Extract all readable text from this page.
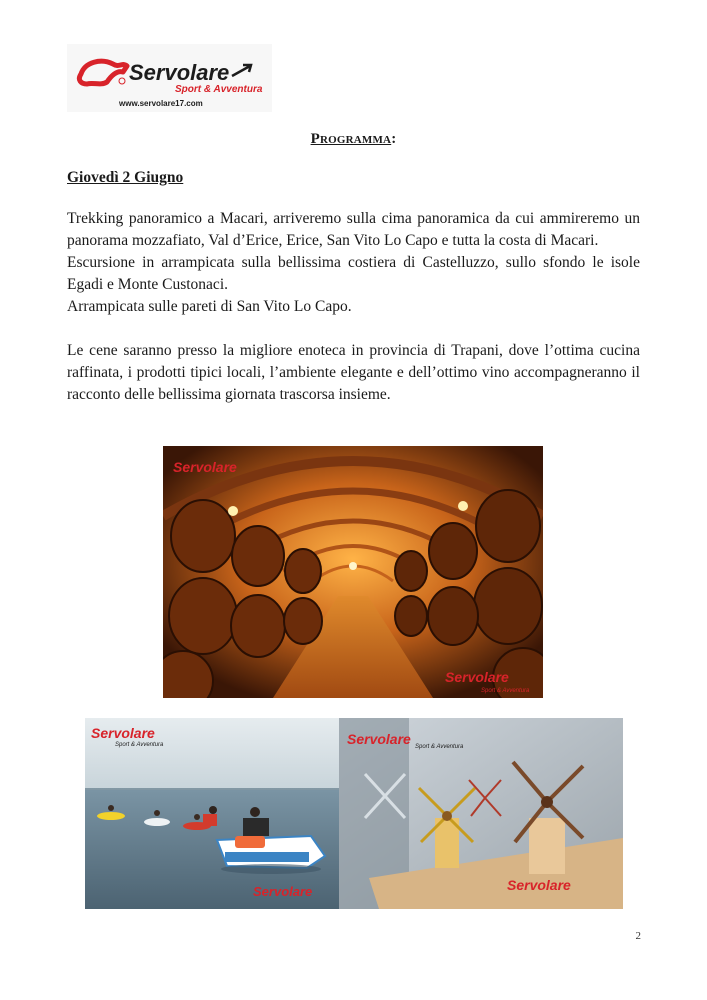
Servolare
Sport & Avventura
www.servolare17.com
Programma:
Giovedì 2 Giugno

Trekking panoramico a Macari, arriveremo sulla cima panoramica da cui ammireremo un panorama mozzafiato, Val d’Erice, Erice, San Vito Lo Capo e tutta la costa di Macari.

Escursione in arrampicata sulla bellissima costiera di Castelluzzo, sullo sfondo le isole Egadi e Monte Custonaci.

Arrampicata sulle pareti di San Vito Lo Capo.

Le cene saranno presso la migliore enoteca in provincia di Trapani, dove l’ottima cucina raffinata, i prodotti tipici locali, l’ambiente elegante e dell’ottimo vino accompagneranno il racconto delle bellissima giornata trascorsa insieme.

Servolare
Servolare
Sport & Avventura
Servolare
Sport & Avventura
Servolare
Servolare Sport & Avventura
Servolare
2
